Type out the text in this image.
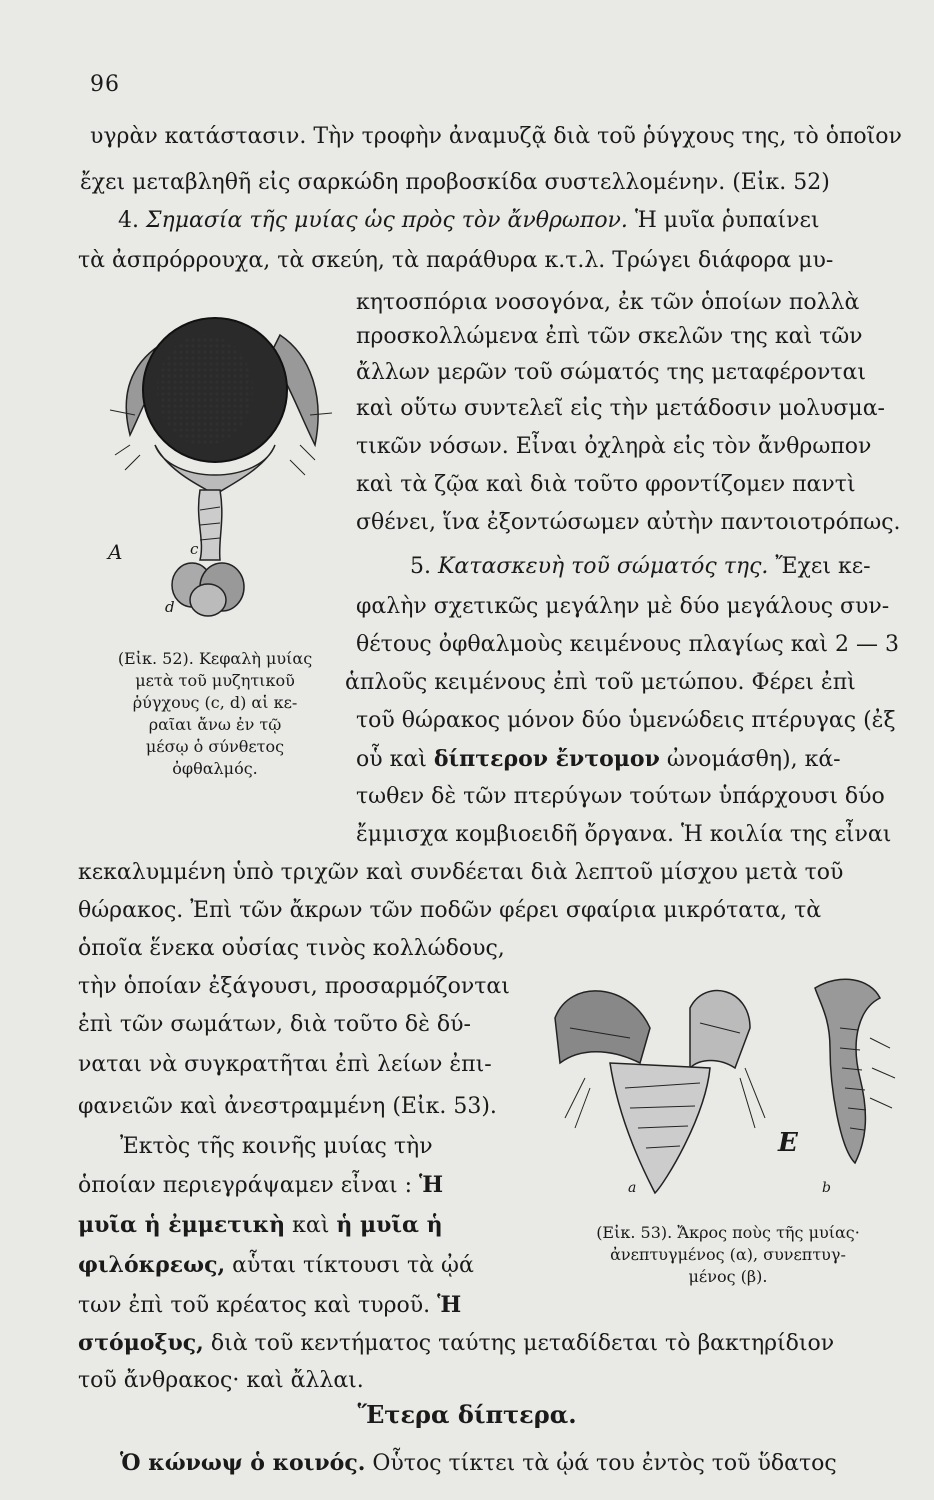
96
υγρὰν κατάστασιν. Τὴν τροφὴν ἀναμυζᾷ διὰ τοῦ ῥύγχους της, τὸ ὁποῖον
ἔχει μεταβληθῆ εἰς σαρκώδη προβοσκίδα συστελλομένην. (Εἰκ. 52)
4. Σημασία τῆς μυίας ὡς πρὸς τὸν ἄνθρωπον. Ἡ μυῖα ῥυπαίνει
τὰ ἀσπρόρρουχα, τὰ σκεύη, τὰ παράθυρα κ.τ.λ. Τρώγει διάφορα μυ-
κητοσπόρια νοσογόνα, ἐκ τῶν ὁποίων πολλὰ
προσκολλώμενα ἐπὶ τῶν σκελῶν της καὶ τῶν
ἄλλων μερῶν τοῦ σώματός της μεταφέρονται
καὶ οὕτω συντελεῖ εἰς τὴν μετάδοσιν μολυσμα-
τικῶν νόσων. Εἶναι ὀχληρὰ εἰς τὸν ἄνθρωπον
καὶ τὰ ζῷα καὶ διὰ τοῦτο φροντίζομεν παντὶ
σθένει, ἵνα ἐξοντώσωμεν αὐτὴν παντοιοτρόπως.
5. Κατασκευὴ τοῦ σώματός της. Ἔχει κε-
φαλὴν σχετικῶς μεγάλην μὲ δύο μεγάλους συν-
θέτους ὀφθαλμοὺς κειμένους πλαγίως καὶ 2 — 3
ἁπλοῦς κειμένους ἐπὶ τοῦ μετώπου. Φέρει ἐπὶ
τοῦ θώρακος μόνον δύο ὑμενώδεις πτέρυγας (ἐξ
οὗ καὶ δίπτερον ἔντομον ὠνομάσθη), κά-
τωθεν δὲ τῶν πτερύγων τούτων ὑπάρχουσι δύο
ἔμμισχα κομβιοειδῆ ὄργανα. Ἡ κοιλία της εἶναι
κεκαλυμμένη ὑπὸ τριχῶν καὶ συνδέεται διὰ λεπτοῦ μίσχου μετὰ τοῦ
θώρακος. Ἐπὶ τῶν ἄκρων τῶν ποδῶν φέρει σφαίρια μικρότατα, τὰ
ὁποῖα ἕνεκα οὐσίας τινὸς κολλώδους,
τὴν ὁποίαν ἐξάγουσι, προσαρμόζονται
ἐπὶ τῶν σωμάτων, διὰ τοῦτο δὲ δύ-
ναται νὰ συγκρατῆται ἐπὶ λείων ἐπι-
φανειῶν καὶ ἀνεστραμμένη (Εἰκ. 53).
Ἐκτὸς τῆς κοινῆς μυίας τὴν
ὁποίαν περιεγράψαμεν εἶναι : Ἡ
μυῖα ἡ ἐμμετικὴ καὶ ἡ μυῖα ἡ
φιλόκρεως, αὗται τίκτουσι τὰ ᾠά
των ἐπὶ τοῦ κρέατος καὶ τυροῦ. Ἡ
στόμοξυς, διὰ τοῦ κεντήματος ταύτης μεταδίδεται τὸ βακτηρίδιον
τοῦ ἄνθρακος· καὶ ἄλλαι.
Ἕτερα δίπτερα.
Ὁ κώνωψ ὁ κοινός. Οὗτος τίκτει τὰ ᾠά του ἐντὸς τοῦ ὕδατος
A	c
d
(Εἰκ. 52). Κεφαλὴ μυίας
μετὰ τοῦ μυζητικοῦ
ῥύγχους (c, d) αἱ κε-
ραῖαι ἄνω ἐν τῷ
μέσῳ ὁ σύνθετος
ὀφθαλμός.
E
a	b
(Εἰκ. 53). Ἄκρος ποὺς τῆς μυίας·
ἀνεπτυγμένος (α), συνεπτυγ-
μένος (β).
